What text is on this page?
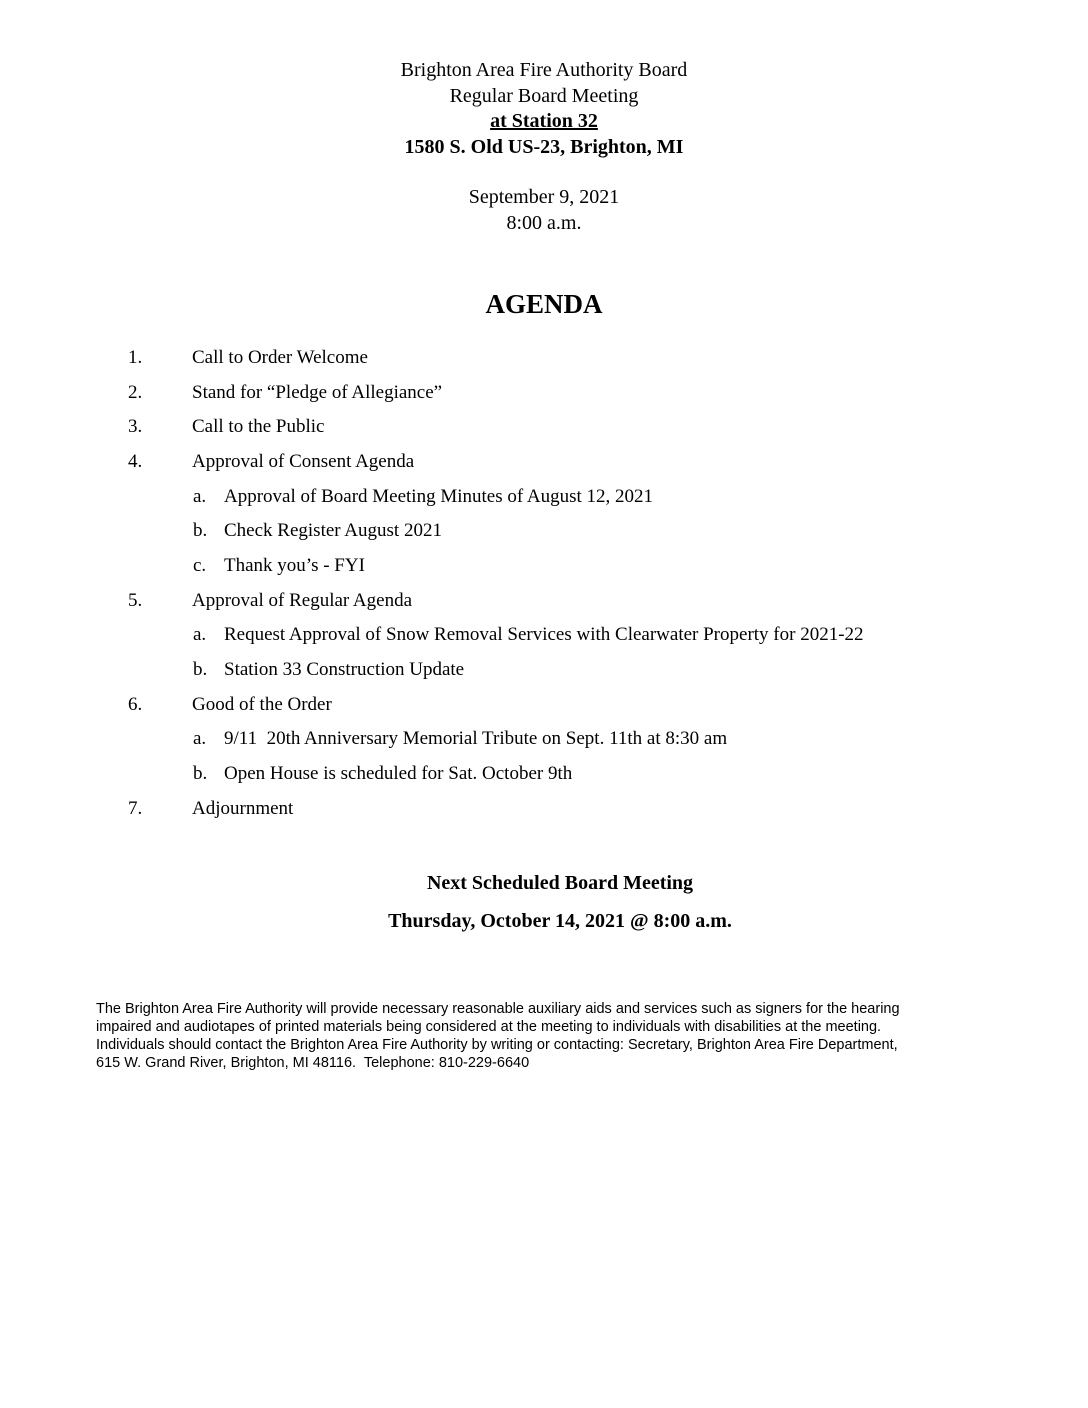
Brighton Area Fire Authority Board
Regular Board Meeting
at Station 32
1580 S. Old US-23, Brighton, MI
September 9, 2021
8:00 a.m.
AGENDA
1.	Call to Order Welcome
2.	Stand for “Pledge of Allegiance”
3.	Call to the Public
4.	Approval of Consent Agenda
a. Approval of Board Meeting Minutes of August 12, 2021
b. Check Register August 2021
c. Thank you’s - FYI
5.	Approval of Regular Agenda
a. Request Approval of Snow Removal Services with Clearwater Property for 2021-22
b. Station 33 Construction Update
6.	Good of the Order
a. 9/11  20th Anniversary Memorial Tribute on Sept. 11th at 8:30 am
b. Open House is scheduled for Sat. October 9th
7.	Adjournment
Next Scheduled Board Meeting
Thursday, October 14, 2021 @ 8:00 a.m.
The Brighton Area Fire Authority will provide necessary reasonable auxiliary aids and services such as signers for the hearing
impaired and audiotapes of printed materials being considered at the meeting to individuals with disabilities at the meeting.
Individuals should contact the Brighton Area Fire Authority by writing or contacting: Secretary, Brighton Area Fire Department,
615 W. Grand River, Brighton, MI 48116.  Telephone: 810-229-6640
